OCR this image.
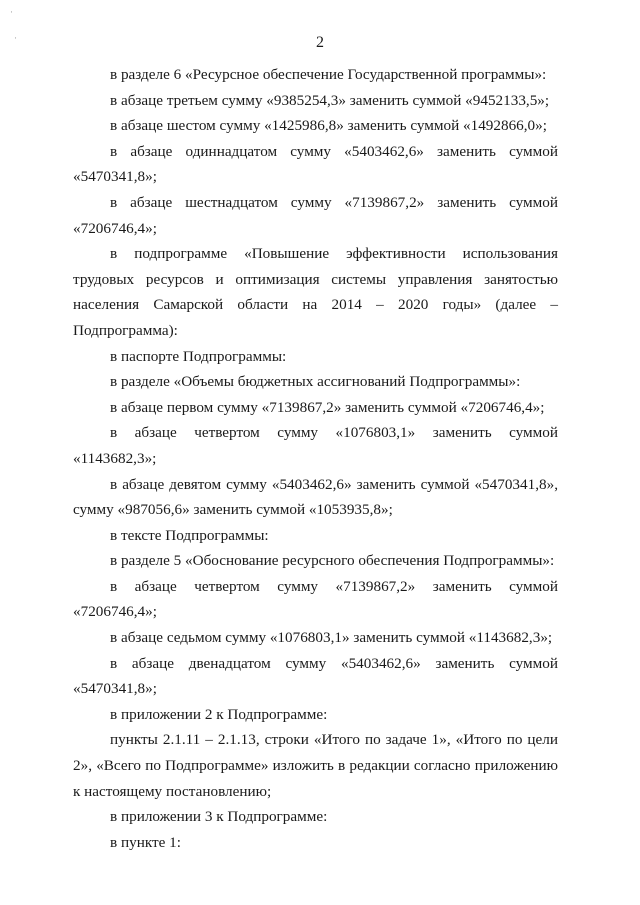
·
·	2

в разделе 6 «Ресурсное обеспечение Государственной программы»:

в абзаце третьем сумму «9385254,3» заменить суммой «9452133,5»;

в абзаце шестом сумму «1425986,8» заменить суммой «1492866,0»;

в абзаце одиннадцатом сумму «5403462,6» заменить суммой «5470341,8»;

в абзаце шестнадцатом сумму «7139867,2» заменить суммой «7206746,4»;

в подпрограмме «Повышение эффективности использования трудовых ресурсов и оптимизация системы управления занятостью населения Самарской области на 2014 – 2020 годы» (далее – Подпрограмма):

в паспорте Подпрограммы:

в разделе «Объемы бюджетных ассигнований Подпрограммы»:

в абзаце первом сумму «7139867,2» заменить суммой «7206746,4»;

в абзаце четвертом сумму «1076803,1» заменить суммой «1143682,3»;

в абзаце девятом сумму «5403462,6» заменить суммой «5470341,8», сумму «987056,6» заменить суммой «1053935,8»;

в тексте Подпрограммы:

в разделе 5 «Обоснование ресурсного обеспечения Подпрограммы»:

в абзаце четвертом сумму «7139867,2» заменить суммой «7206746,4»;

в абзаце седьмом сумму «1076803,1» заменить суммой «1143682,3»;

в абзаце двенадцатом сумму «5403462,6» заменить суммой «5470341,8»;

в приложении 2 к Подпрограмме:

пункты 2.1.11 – 2.1.13, строки «Итого по задаче 1», «Итого по цели 2», «Всего по Подпрограмме» изложить в редакции согласно приложению к настоящему постановлению;

в приложении 3 к Подпрограмме:

в пункте 1:
